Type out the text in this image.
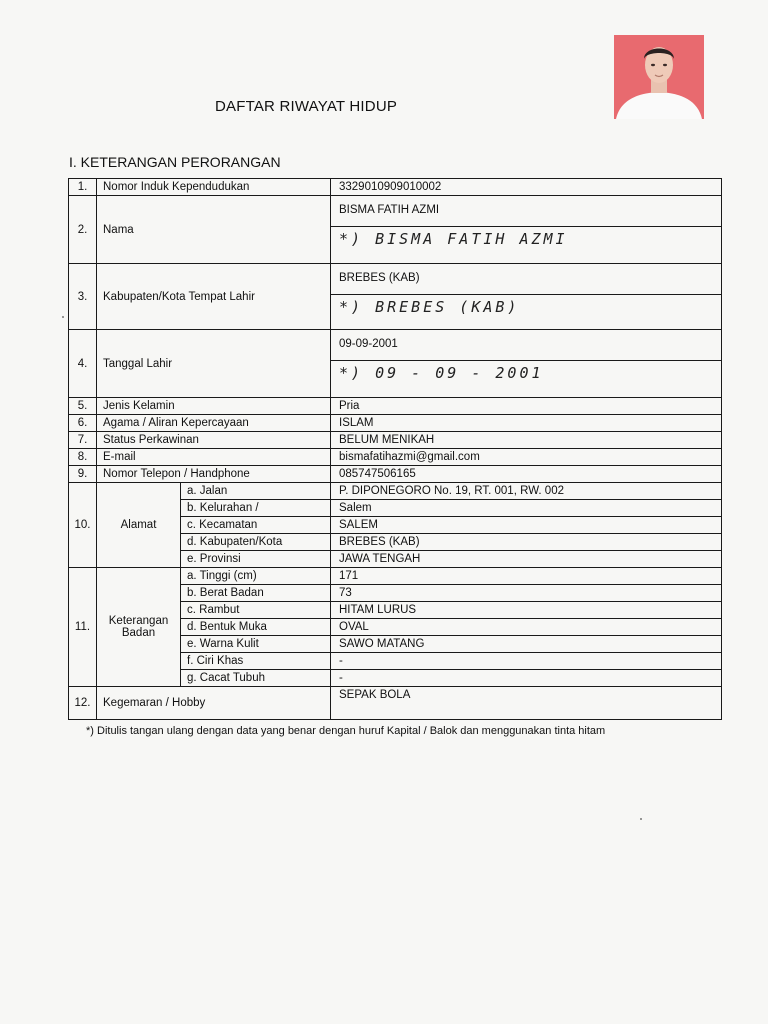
DAFTAR RIWAYAT HIDUP
I. KETERANGAN PERORANGAN
1.	Nomor Induk Kependudukan		3329010909010002
2.	Nama		BISMA FATIH AZMI
*) BISMA FATIH AZMI

3.	Kabupaten/Kota Tempat Lahir		BREBES (KAB)
*) BREBES (KAB)

4.	Tanggal Lahir		09-09-2001
*) 09 - 09 - 2001

5.	Jenis Kelamin		Pria
6.	Agama / Aliran Kepercayaan		ISLAM
7.	Status Perkawinan		BELUM MENIKAH
8.	E-mail		bismafatihazmi@gmail.com
9.	Nomor Telepon / Handphone		085747506165
10.	Alamat	a. Jalan	P. DIPONEGORO No. 19, RT. 001, RW. 002
		b. Kelurahan /	Salem
		c. Kecamatan	SALEM
		d. Kabupaten/Kota	BREBES (KAB)
		e. Provinsi	JAWA TENGAH
11.	Keterangan
Badan	a. Tinggi (cm)	171
		b. Berat Badan	73
		c. Rambut	HITAM LURUS
		d. Bentuk Muka	OVAL
		e. Warna Kulit	SAWO MATANG
		f. Ciri Khas	-
		g. Cacat Tubuh	-
12.	Kegemaran / Hobby		SEPAK BOLA
*) Ditulis tangan ulang dengan data yang benar dengan huruf Kapital / Balok dan menggunakan tinta hitam
